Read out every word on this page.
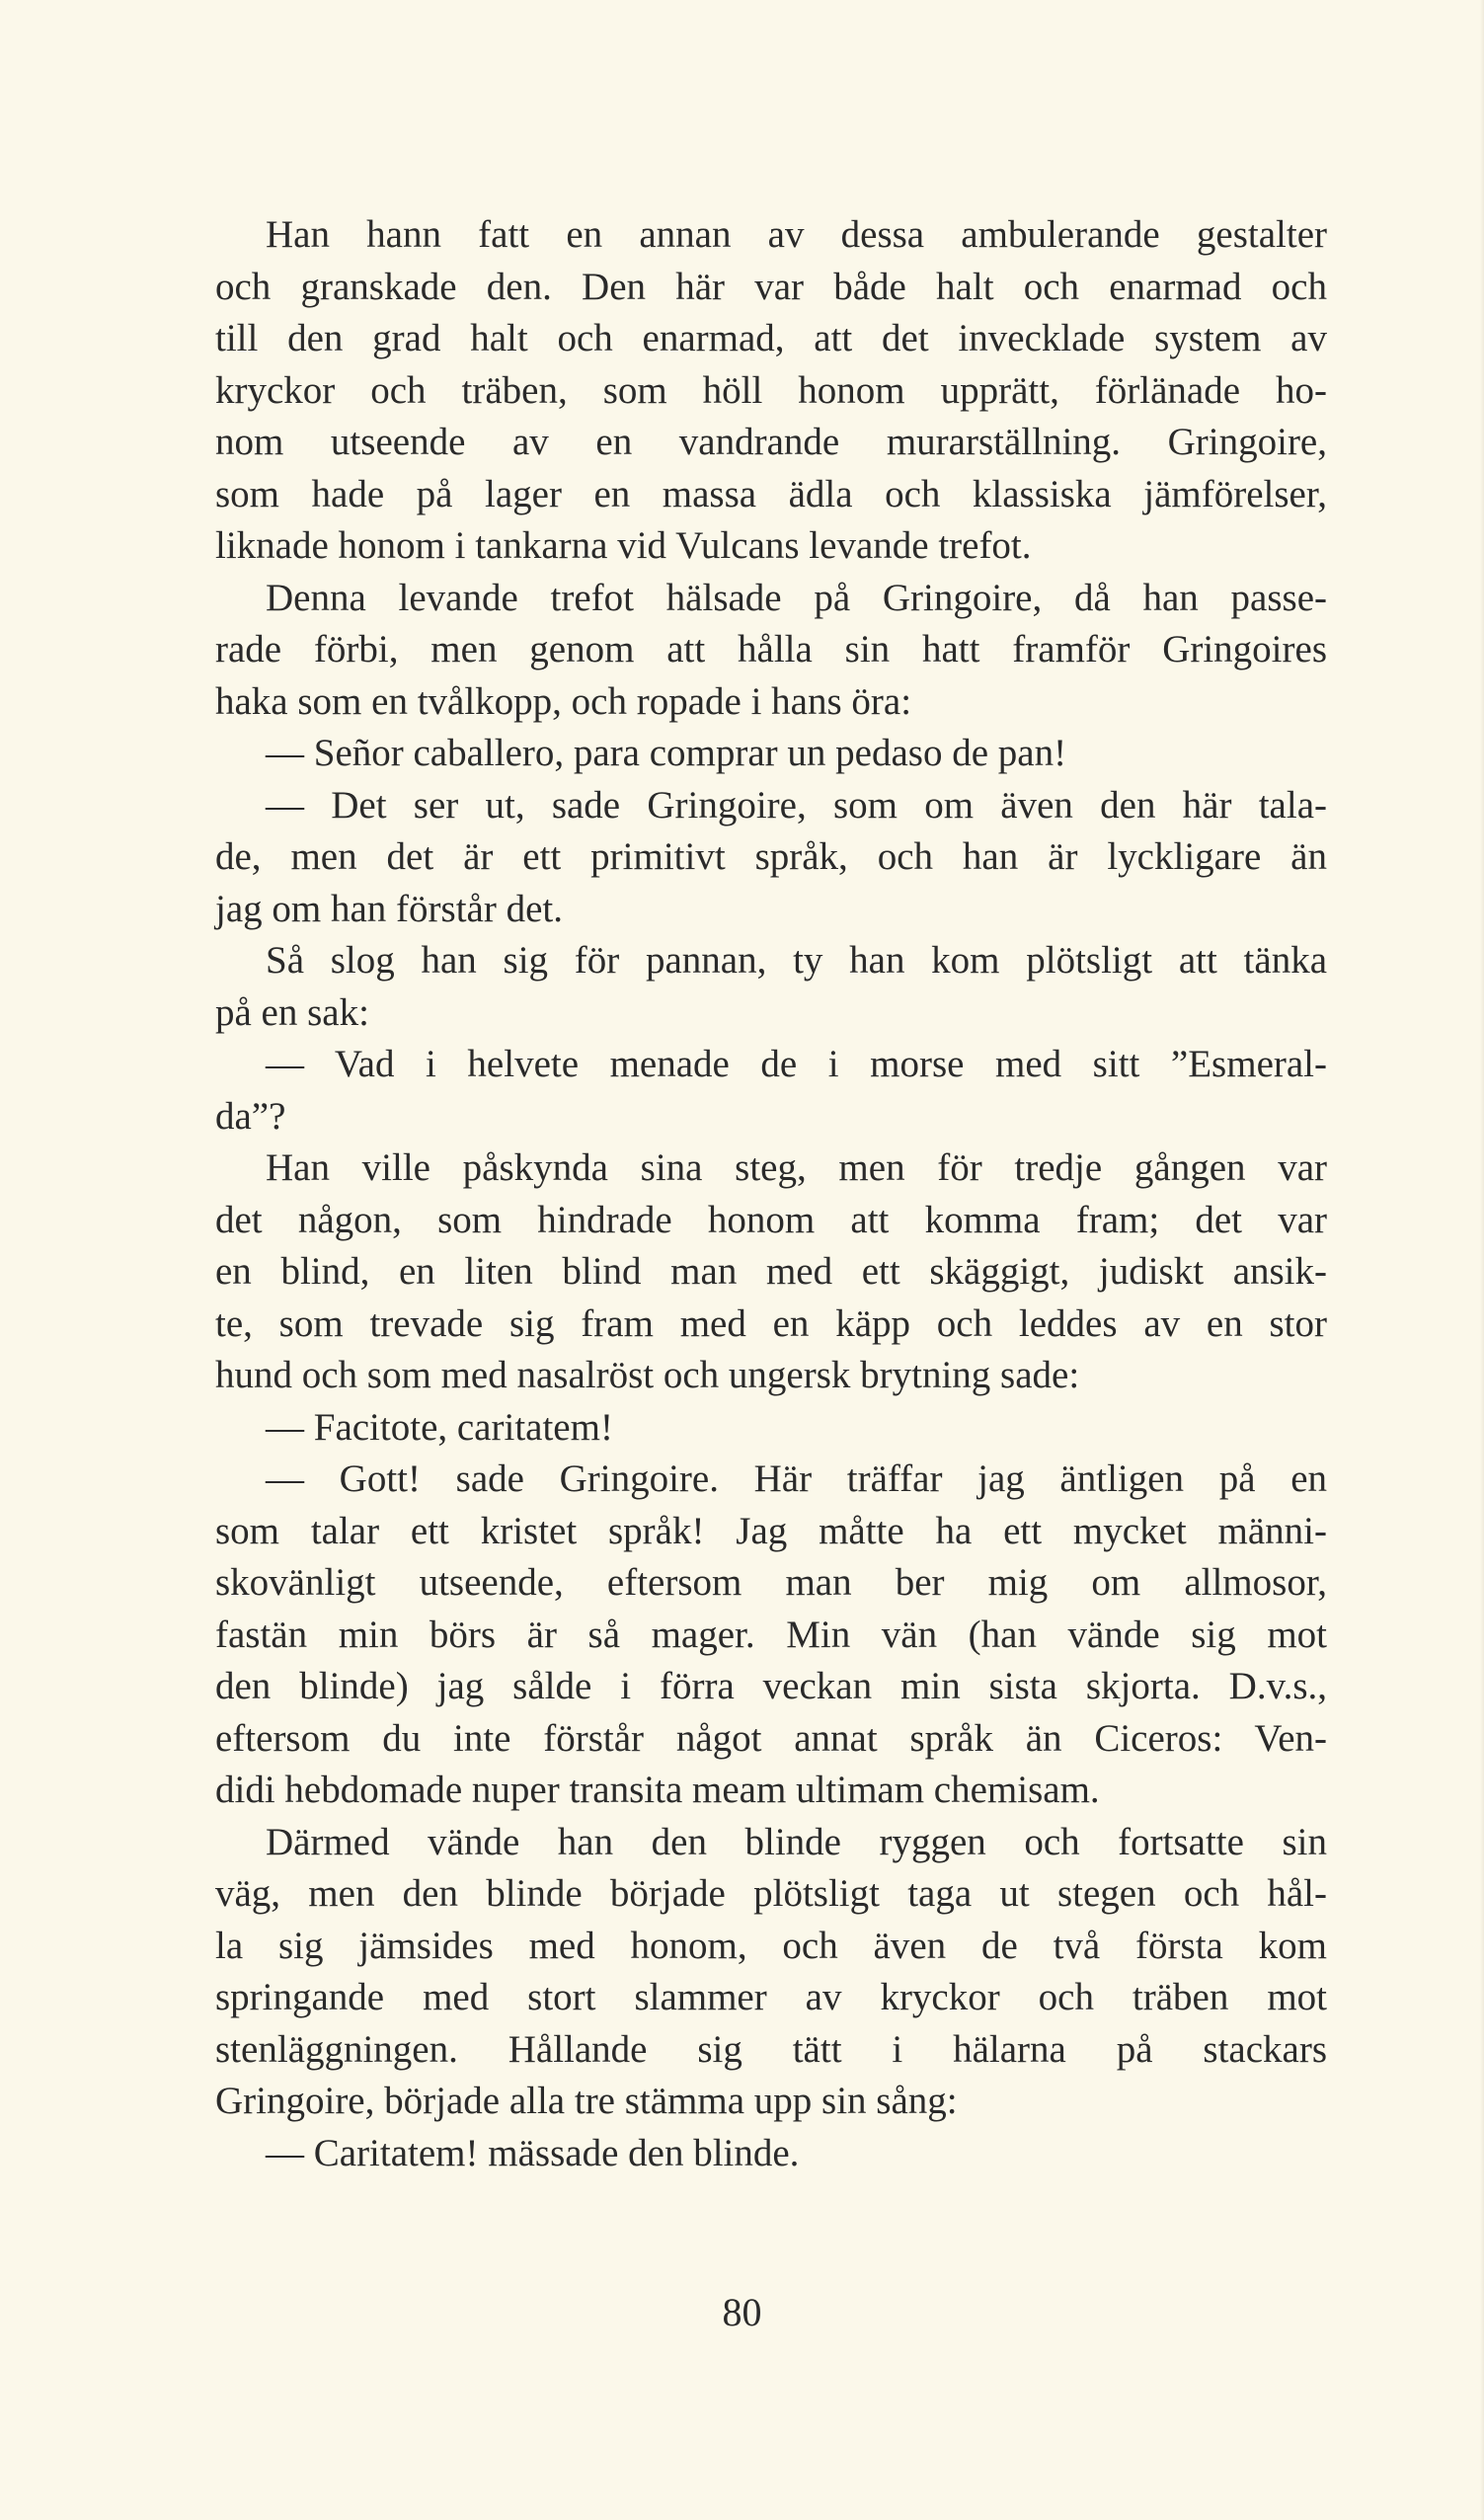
Han hann fatt en annan av dessa ambulerande gestalter
och granskade den. Den här var både halt och enarmad och
till den grad halt och enarmad, att det invecklade system av
kryckor och träben, som höll honom upprätt, förlänade ho-
nom utseende av en vandrande murarställning. Gringoire,
som hade på lager en massa ädla och klassiska jämförelser,
liknade honom i tankarna vid Vulcans levande trefot.
Denna levande trefot hälsade på Gringoire, då han passe-
rade förbi, men genom att hålla sin hatt framför Gringoires
haka som en tvålkopp, och ropade i hans öra:
— Señor caballero, para comprar un pedaso de pan!
— Det ser ut, sade Gringoire, som om även den här tala-
de, men det är ett primitivt språk, och han är lyckligare än
jag om han förstår det.
Så slog han sig för pannan, ty han kom plötsligt att tänka
på en sak:
— Vad i helvete menade de i morse med sitt ”Esmeral-
da”?
Han ville påskynda sina steg, men för tredje gången var
det någon, som hindrade honom att komma fram; det var
en blind, en liten blind man med ett skäggigt, judiskt ansik-
te, som trevade sig fram med en käpp och leddes av en stor
hund och som med nasalröst och ungersk brytning sade:
— Facitote, caritatem!
— Gott! sade Gringoire. Här träffar jag äntligen på en
som talar ett kristet språk! Jag måtte ha ett mycket männi-
skovänligt utseende, eftersom man ber mig om allmosor,
fastän min börs är så mager. Min vän (han vände sig mot
den blinde) jag sålde i förra veckan min sista skjorta. D.v.s.,
eftersom du inte förstår något annat språk än Ciceros: Ven-
didi hebdomade nuper transita meam ultimam chemisam.
Därmed vände han den blinde ryggen och fortsatte sin
väg, men den blinde började plötsligt taga ut stegen och hål-
la sig jämsides med honom, och även de två första kom
springande med stort slammer av kryckor och träben mot
stenläggningen. Hållande sig tätt i hälarna på stackars
Gringoire, började alla tre stämma upp sin sång:
— Caritatem! mässade den blinde.
80
